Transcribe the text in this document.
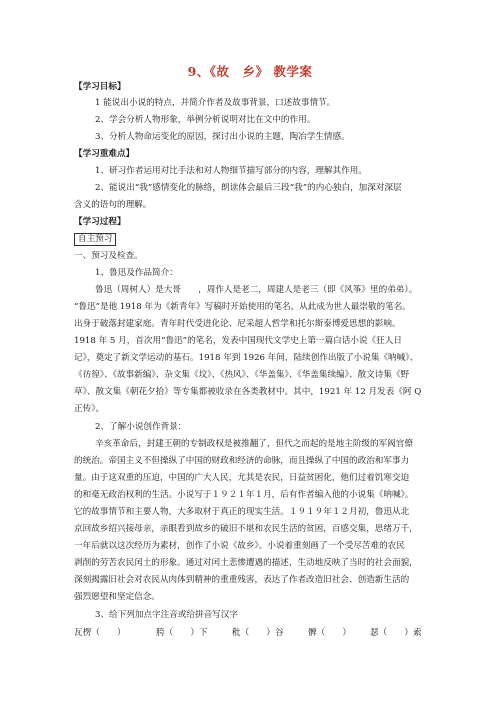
9、《故　乡》 教学案
【学习目标】
1 能说出小说的特点，并简介作者及故事背景，口述故事情节。
2、学会分析人物形象，举例分析说明对比在文中的作用。
3、分析人物命运变化的原因，探讨出小说的主题，陶冶学生情感。
【学习重难点】
1、研习作者运用对比手法和对人物细节描写部分的内容，理解其作用。
2、能说出“我”感情变化的脉络，朗读体会最后三段“我”的内心独白，加深对深层
含义的语句的理解。
【学习过程】
自主预习
一、预习及检查。
1、鲁迅及作品简介：
鲁迅（周树人）是大哥　　，周作人是老二，周建人是老三（即《风筝》里的弟弟）。
“鲁迅”是他 1918 年为《新青年》写稿时开始使用的笔名，从此成为世人最崇敬的笔名。
出身于破落封建家庭。青年时代受进化论、尼采超人哲学和托尔斯泰博爱思想的影响。
1918 年 5 月，首次用“鲁迅”的笔名，发表中国现代文学史上第一篇白话小说《狂人日
记》，奠定了新文学运动的基石。1918 年到 1926 年间，陆续创作出版了小说集《呐喊》、
《彷徨》、《故事新编》、杂文集《坟》、《热风》、《华盖集》、《华盖集续编》、散文诗集《野
草》、散文集《朝花夕拾》等专集都被收录在各类教材中。其中，1921 年 12 月发表《阿 Q
正传》。
2、了解小说创作背景：
辛亥革命后，封建王朝的专制政权是被推翻了，但代之而起的是地主阶级的军阀官僚
的统治。帝国主义不但操纵了中国的财政和经济的命脉，而且操纵了中国的政治和军事力
量。由于这双重的压迫，中国的广大人民，尤其是农民，日益贫困化，他们过着饥寒交迫
的和毫无政治权利的生活。小说写于１９２１年１月，后有作者编入他的小说集《呐喊》。
它的故事情节和主要人物，大多取材于真正的现实生活。１９１９年１２月初，鲁迅从北
京回故乡绍兴接母亲，亲眼看到故乡的破旧不堪和农民生活的贫困，百感交集，思绪万千，
一年后就以这次经历为素材，创作了小说《故乡》。小说着重刻画了一个受尽苦难的农民
剥削的劳苦农民闰土的形象。通过对闰土悲惨遭遇的描述，生动地反映了当时的社会面貌，
深刻揭露旧社会对农民从肉体到精神的重重残害，表达了作者改造旧社会、创造新生活的
强烈愿望和坚定信念。
3、给下列加点字注音或给拼音写汉字
瓦楞（　　）	胯（　　）下	秕（　　）谷	髀（　　） 瑟（　　）索
